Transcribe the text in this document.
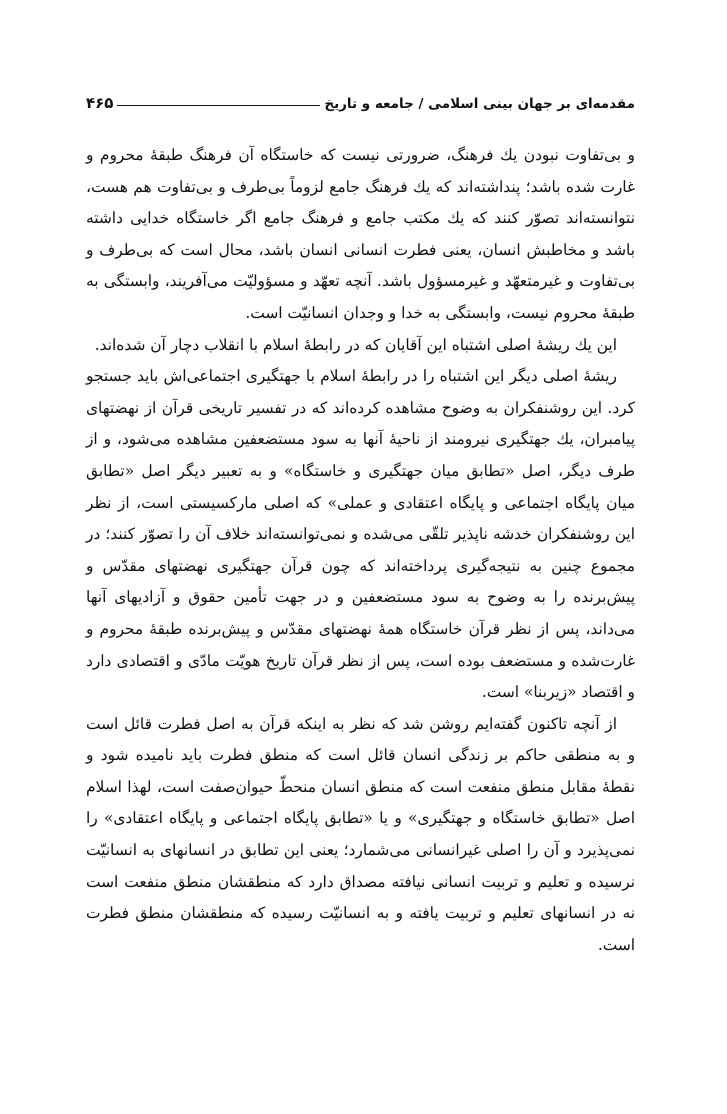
مقدمه‌ای بر جهان بینی اسلامی / جامعه و تاریخ
۴۶۵

و بی‌تفاوت نبودن یك فرهنگ، ضرورتی نیست که خاستگاه آن فرهنگ طبقهٔ محروم و غارت شده باشد؛ پنداشته‌اند که یك فرهنگ جامع لزوماً بی‌طرف و بی‌تفاوت هم هست، نتوانسته‌اند تصوّر کنند که یك مکتب جامع و فرهنگ جامع اگر خاستگاه خدایی داشته باشد و مخاطبش انسان، یعنی فطرت انسانی انسان باشد، محال است که بی‌طرف و بی‌تفاوت و غیرمتعهّد و غیرمسؤول باشد. آنچه تعهّد و مسؤولیّت می‌آفریند، وابستگی به طبقهٔ محروم نیست، وابستگی به خدا و وجدان انسانیّت است.

این یك ریشهٔ اصلی اشتباه این آقایان که در رابطهٔ اسلام با انقلاب دچار آن شده‌اند.

ریشهٔ اصلی دیگر این اشتباه را در رابطهٔ اسلام با جهتگیری اجتماعی‌اش باید جستجو کرد. این روشنفکران به وضوح مشاهده کرده‌اند که در تفسیر تاریخی قرآن از نهضتهای پیامبران، یك جهتگیری نیرومند از ناحیهٔ آنها به سود مستضعفین مشاهده می‌شود، و از طرف دیگر، اصل «تطابق میان جهتگیری و خاستگاه» و به تعبیر دیگر اصل «تطابق میان پایگاه اجتماعی و پایگاه اعتقادی و عملی» که اصلی مارکسیستی است، از نظر این روشنفکران خدشه ناپذیر تلقّی می‌شده و نمی‌توانسته‌اند خلاف آن را تصوّر کنند؛ در مجموع چنین به نتیجه‌گیری پرداخته‌اند که چون قرآن جهتگیری نهضتهای مقدّس و پیش‌برنده را به وضوح به سود مستضعفین و در جهت تأمین حقوق و آزادیهای آنها می‌داند، پس از نظر قرآن خاستگاه همهٔ نهضتهای مقدّس و پیش‌برنده طبقهٔ محروم و غارت‌شده و مستضعف بوده است، پس از نظر قرآن تاریخ هویّت مادّی و اقتصادی دارد و اقتصاد «زیربنا» است.

از آنچه تاکنون گفته‌ایم روشن شد که نظر به اینکه قرآن به اصل فطرت قائل است و به منطقی حاکم بر زندگی انسان قائل است که منطق فطرت باید نامیده شود و نقطهٔ مقابل منطق منفعت است که منطق انسان منحطّ حیوان‌صفت است، لهذا اسلام اصل «تطابق خاستگاه و جهتگیری» و یا «تطابق پایگاه اجتماعی و پایگاه اعتقادی» را نمی‌پذیرد و آن را اصلی غیرانسانی می‌شمارد؛ یعنی این تطابق در انسانهای به انسانیّت نرسیده و تعلیم و تربیت انسانی نیافته مصداق دارد که منطقشان منطق منفعت است نه در انسانهای تعلیم و تربیت یافته و به انسانیّت رسیده که منطقشان منطق فطرت است.
